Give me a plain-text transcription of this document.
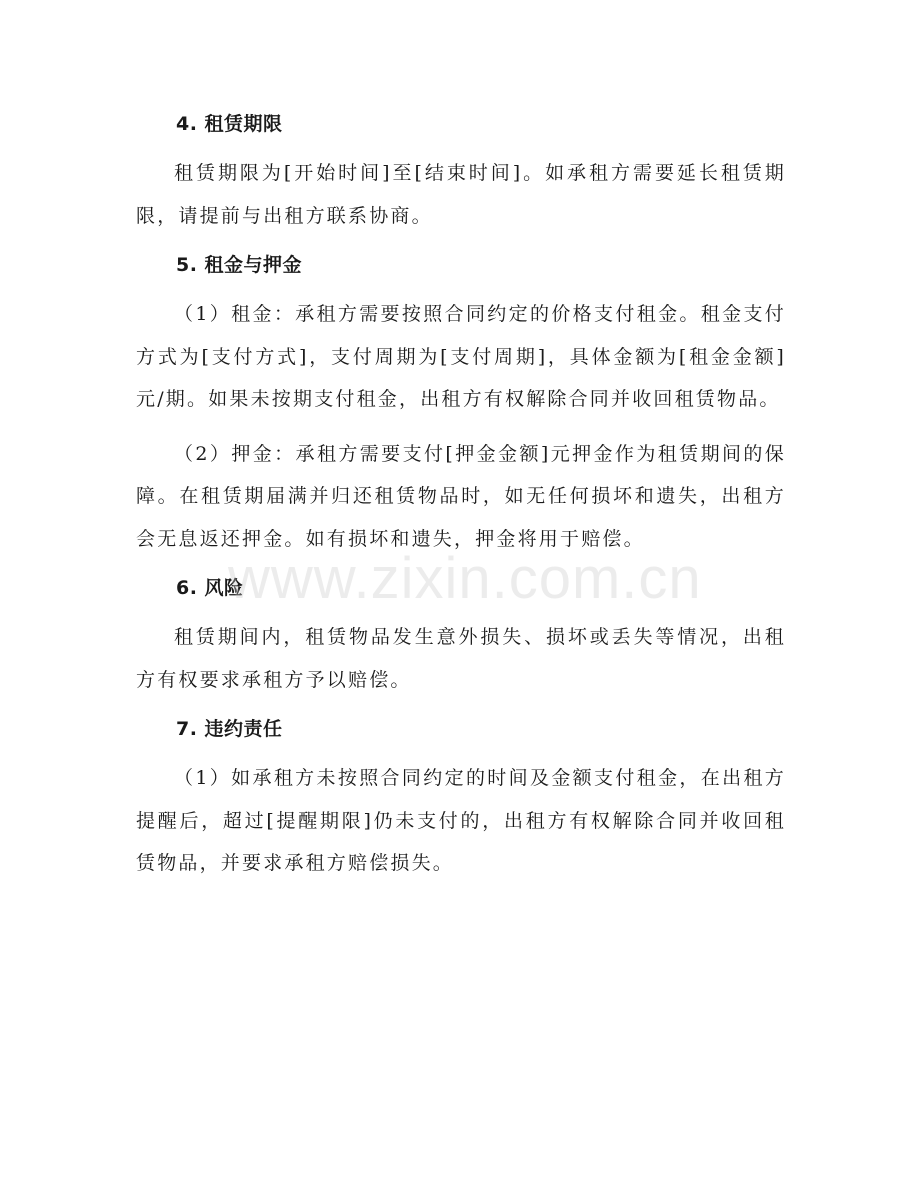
4. 租赁期限

租赁期限为[开始时间]至[结束时间]。如承租方需要延长租赁期限，请提前与出租方联系协商。

5. 租金与押金

（1）租金：承租方需要按照合同约定的价格支付租金。租金支付方式为[支付方式]，支付周期为[支付周期]，具体金额为[租金金额]元/期。如果未按期支付租金，出租方有权解除合同并收回租赁物品。

（2）押金：承租方需要支付[押金金额]元押金作为租赁期间的保障。在租赁期届满并归还租赁物品时，如无任何损坏和遗失，出租方会无息返还押金。如有损坏和遗失，押金将用于赔偿。

6. 风险

租赁期间内，租赁物品发生意外损失、损坏或丢失等情况，出租方有权要求承租方予以赔偿。

7. 违约责任

（1）如承租方未按照合同约定的时间及金额支付租金，在出租方提醒后，超过[提醒期限]仍未支付的，出租方有权解除合同并收回租赁物品，并要求承租方赔偿损失。

www.zixin.com.cn
